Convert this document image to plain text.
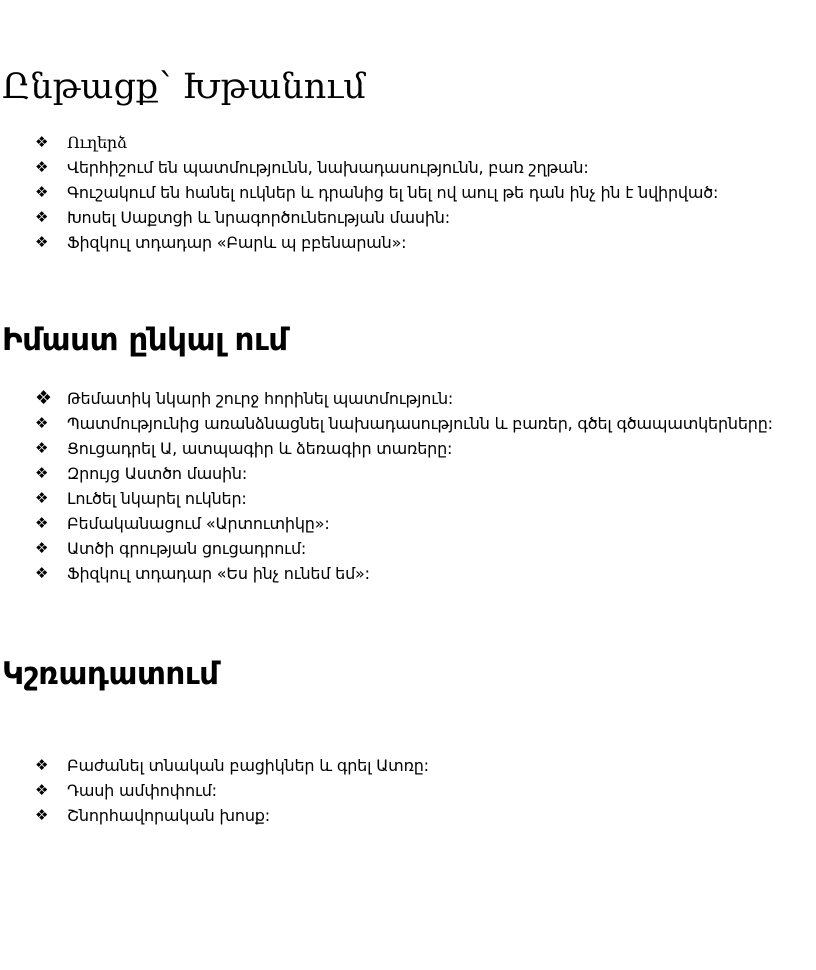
Ընթացք՝ Խթանում
❖	Ուղերձ
❖	Վերհիշում են պատմությունն, նախադասությունն, բառ շղթան:
❖	Գուշակում են հանել ուկներ և դրանից ել նել ով աուլ թե դան ինչ ին է նվիրված:
❖	Խոսել Սաքտցի և նրագործունեության մասին:
❖	Ֆիզկուլ տդադար «Բարև պ բբենարան»:
Իմաստ ընկալ ում
❖ Թեմատիկ նկարի շուրջ հորինել պատմություն:
❖	Պատմությունից առանձնացնել նախադասությունն և բառեր, գծել գծապատկերները:
❖	Ցուցադրել Ա, ատպագիր և ձեռագիր տառերը:
❖	Զրույց Աստծո մասին:
❖	Լուծել նկարել ուկներ:
❖	Բեմականացում «Արտուտիկը»:
❖	Ատծի գրության ցուցադրում:
❖	Ֆիզկուլ տդադար «Ես ինչ ունեմ եմ»:
Կշռադատում
❖	Բաժանել տնական բացիկներ և գրել Ատռը:
❖	Դասի ամփոփում:
❖	Շնորհավորական խոսք:
